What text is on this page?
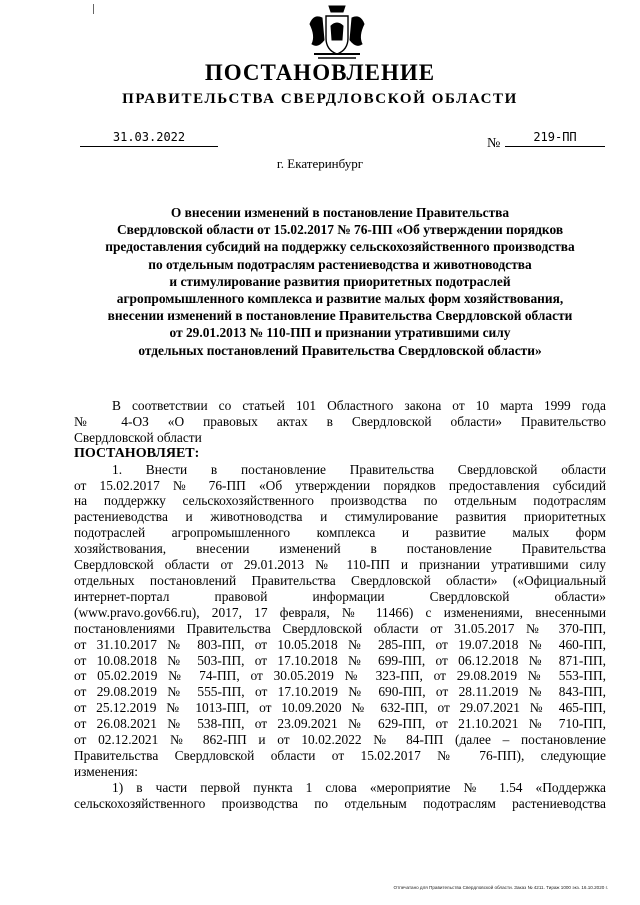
ПОСТАНОВЛЕНИЕ
ПРАВИТЕЛЬСТВА СВЕРДЛОВСКОЙ ОБЛАСТИ
31.03.2022	№	219-ПП
г. Екатеринбург
О внесении изменений в постановление Правительства
Свердловской области от 15.02.2017 № 76-ПП «Об утверждении порядков
предоставления субсидий на поддержку сельскохозяйственного производства
по отдельным подотраслям растениеводства и животноводства
и стимулирование развития приоритетных подотраслей
агропромышленного комплекса и развитие малых форм хозяйствования,
внесении изменений в постановление Правительства Свердловской области
от 29.01.2013 № 110-ПП и признании утратившими силу
отдельных постановлений Правительства Свердловской области»
В соответствии со статьей 101 Областного закона от 10 марта 1999 года
№ 4-ОЗ «О правовых актах в Свердловской области» Правительство
Свердловской области
ПОСТАНОВЛЯЕТ:
1. Внести в постановление Правительства Свердловской области
от 15.02.2017 № 76-ПП «Об утверждении порядков предоставления субсидий
на поддержку сельскохозяйственного производства по отдельным подотраслям
растениеводства и животноводства и стимулирование развития приоритетных
подотраслей агропромышленного комплекса и развитие малых форм
хозяйствования, внесении изменений в постановление Правительства
Свердловской области от 29.01.2013 № 110-ПП и признании утратившими силу
отдельных постановлений Правительства Свердловской области» («Официальный
интернет-портал правовой информации Свердловской области»
(www.pravo.gov66.ru), 2017, 17 февраля, № 11466) с изменениями, внесенными
постановлениями Правительства Свердловской области от 31.05.2017 № 370-ПП,
от 31.10.2017 № 803-ПП, от 10.05.2018 № 285-ПП, от 19.07.2018 № 460-ПП,
от 10.08.2018 № 503-ПП, от 17.10.2018 № 699-ПП, от 06.12.2018 № 871-ПП,
от 05.02.2019 № 74-ПП, от 30.05.2019 № 323-ПП, от 29.08.2019 № 553-ПП,
от 29.08.2019 № 555-ПП, от 17.10.2019 № 690-ПП, от 28.11.2019 № 843-ПП,
от 25.12.2019 № 1013-ПП, от 10.09.2020 № 632-ПП, от 29.07.2021 № 465-ПП,
от 26.08.2021 № 538-ПП, от 23.09.2021 № 629-ПП, от 21.10.2021 № 710-ПП,
от 02.12.2021 № 862-ПП и от 10.02.2022 № 84-ПП (далее – постановление
Правительства Свердловской области от 15.02.2017 № 76-ПП), следующие
изменения:
1) в части первой пункта 1 слова «мероприятие № 1.54 «Поддержка
сельскохозяйственного производства по отдельным подотраслям растениеводства
Отпечатано для Правительства Свердловской области. Заказ № 4211. Тираж 1000 экз. 16.10.2020 г.
